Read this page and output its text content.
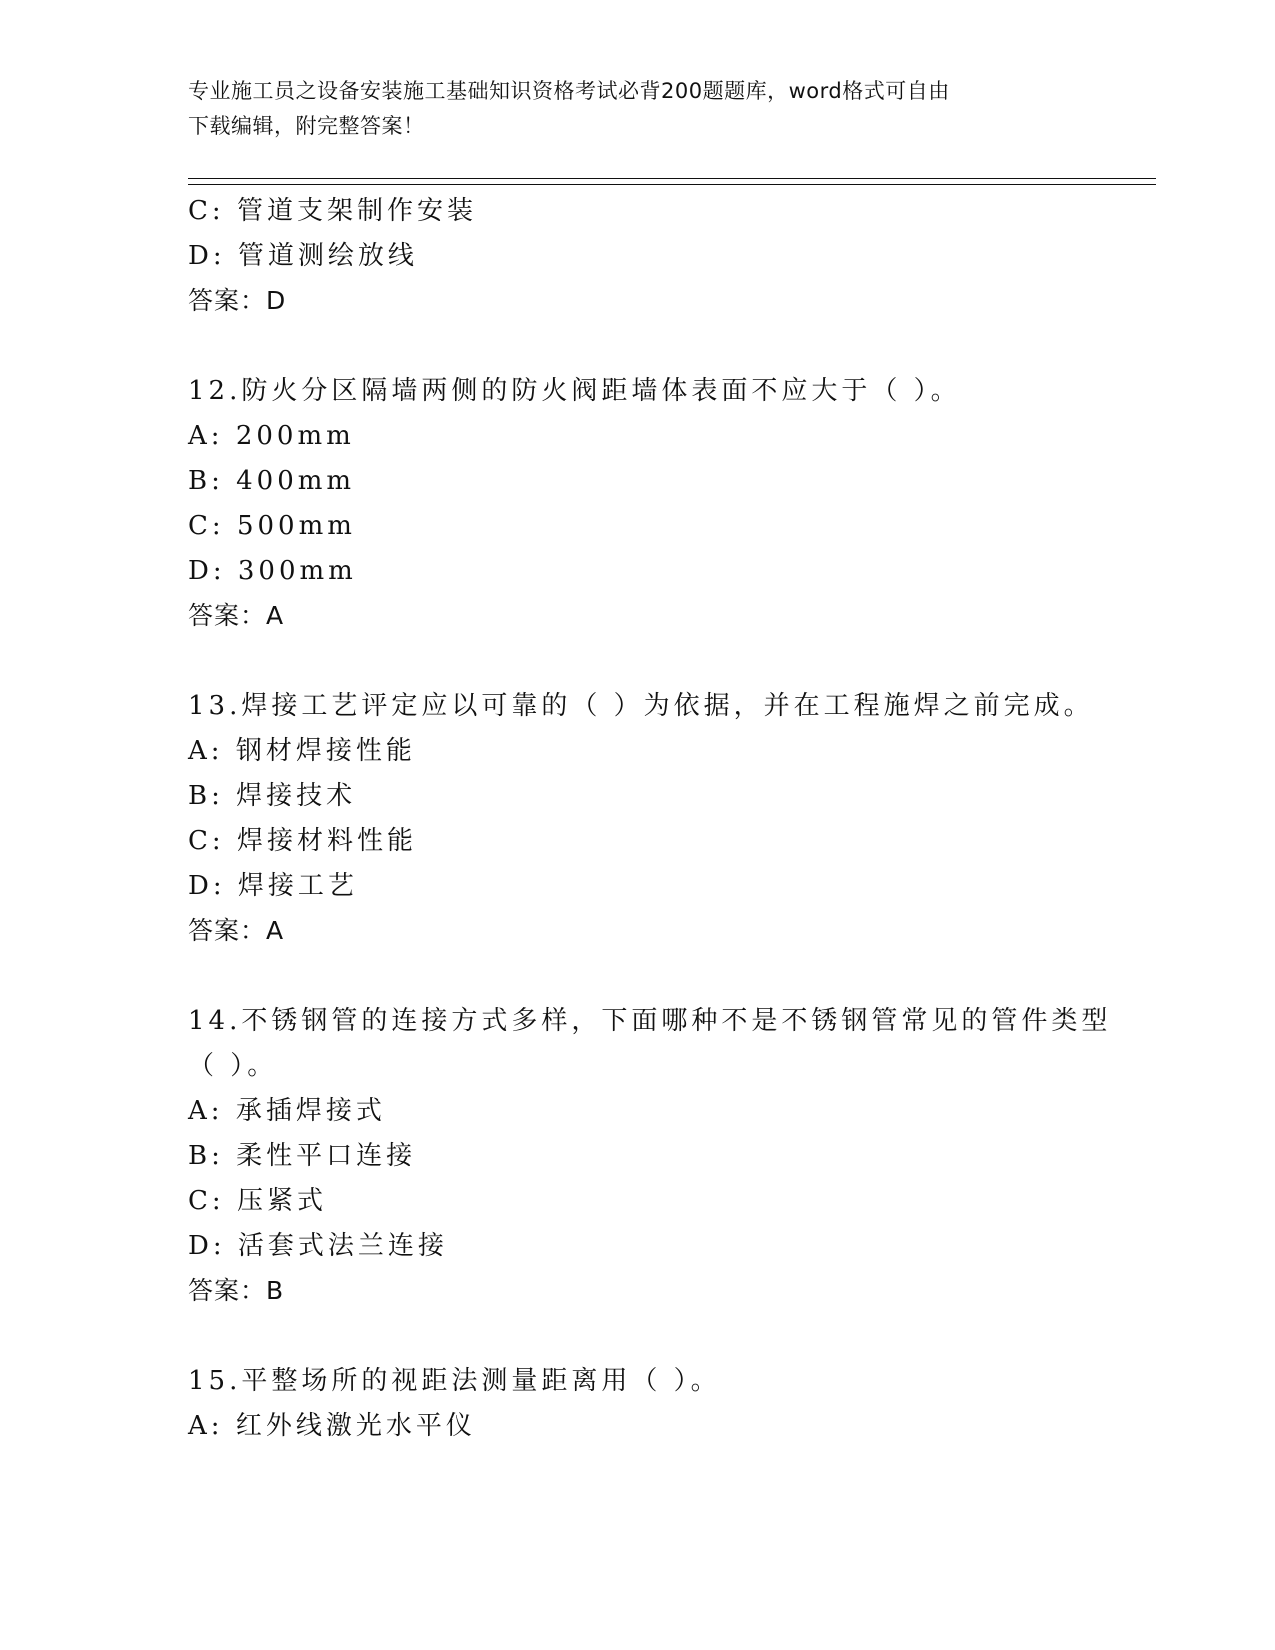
专业施工员之设备安装施工基础知识资格考试必背200题题库，word格式可自由
下载编辑，附完整答案！
C: 管道支架制作安装
D: 管道测绘放线
答案：D
12.防火分区隔墙两侧的防火阀距墙体表面不应大于（ ）。
A: 200mm
B: 400mm
C: 500mm
D: 300mm
答案：A
13.焊接工艺评定应以可靠的（ ）为依据，并在工程施焊之前完成。
A: 钢材焊接性能
B: 焊接技术
C: 焊接材料性能
D: 焊接工艺
答案：A
14.不锈钢管的连接方式多样，下面哪种不是不锈钢管常见的管件类型
（ ）。
A: 承插焊接式
B: 柔性平口连接
C: 压紧式
D: 活套式法兰连接
答案：B
15.平整场所的视距法测量距离用（ ）。
A: 红外线激光水平仪
